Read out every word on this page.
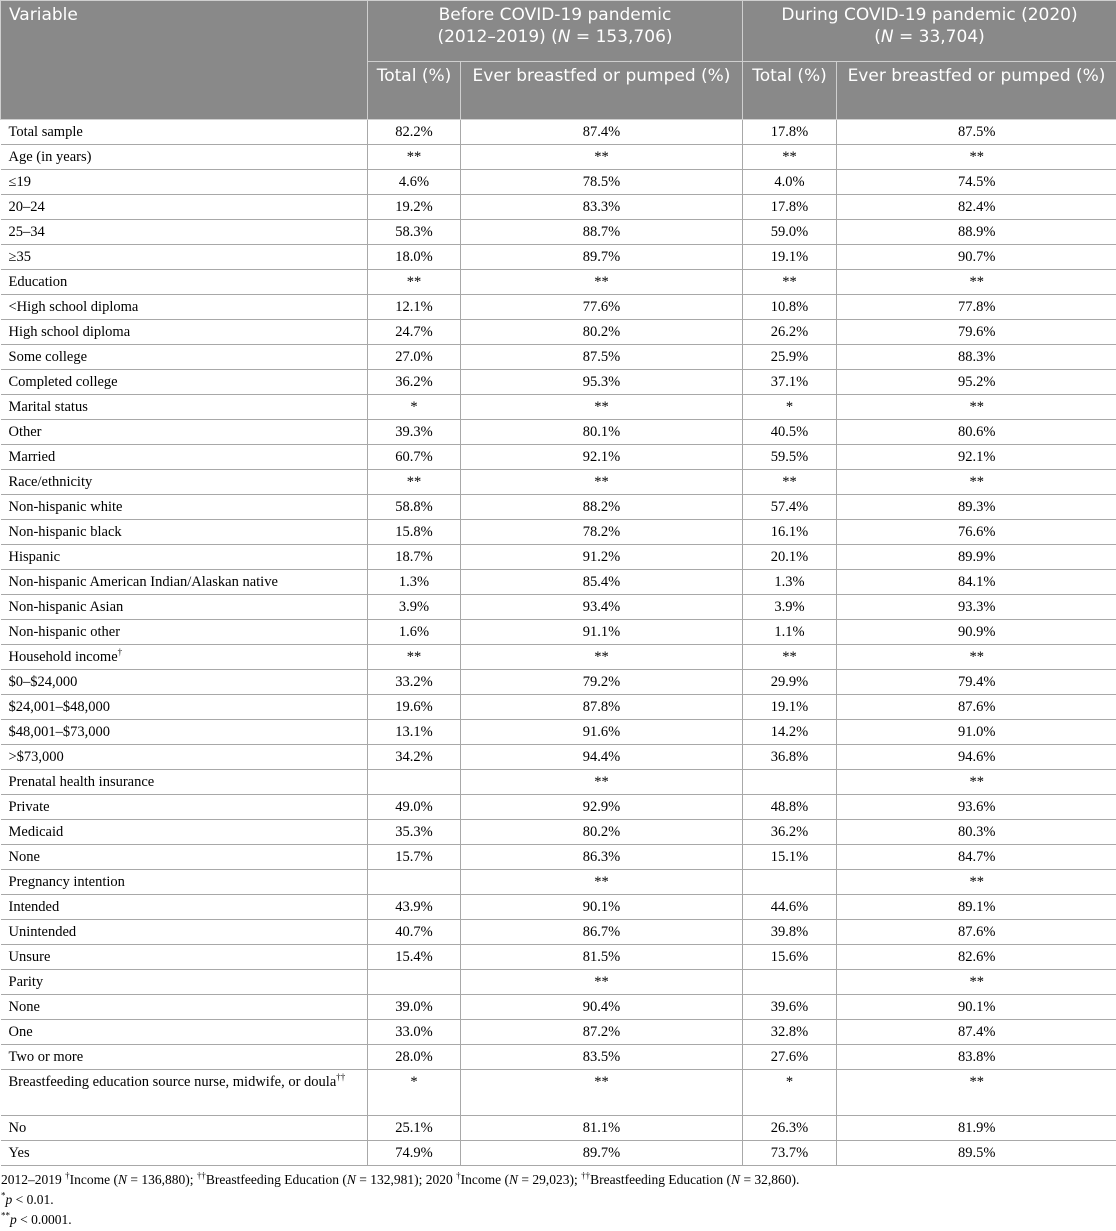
Variable	Before COVID-19 pandemic
(2012–2019) (N = 153,706)		During COVID-19 pandemic (2020)
(N = 33,704)	
	Total (%)	Ever breastfed or pumped (%)	Total (%)	Ever breastfed or pumped (%)
Total sample	82.2%	87.4%	17.8%	87.5%
Age (in years)	**	**	**	**
≤19	4.6%	78.5%	4.0%	74.5%
20–24	19.2%	83.3%	17.8%	82.4%
25–34	58.3%	88.7%	59.0%	88.9%
≥35	18.0%	89.7%	19.1%	90.7%
Education	**	**	**	**
<High school diploma	12.1%	77.6%	10.8%	77.8%
High school diploma	24.7%	80.2%	26.2%	79.6%
Some college	27.0%	87.5%	25.9%	88.3%
Completed college	36.2%	95.3%	37.1%	95.2%
Marital status	*	**	*	**
Other	39.3%	80.1%	40.5%	80.6%
Married	60.7%	92.1%	59.5%	92.1%
Race/ethnicity	**	**	**	**
Non-hispanic white	58.8%	88.2%	57.4%	89.3%
Non-hispanic black	15.8%	78.2%	16.1%	76.6%
Hispanic	18.7%	91.2%	20.1%	89.9%
Non-hispanic American Indian/Alaskan native	1.3%	85.4%	1.3%	84.1%
Non-hispanic Asian	3.9%	93.4%	3.9%	93.3%
Non-hispanic other	1.6%	91.1%	1.1%	90.9%
Household income†	**	**	**	**
$0–$24,000	33.2%	79.2%	29.9%	79.4%
$24,001–$48,000	19.6%	87.8%	19.1%	87.6%
$48,001–$73,000	13.1%	91.6%	14.2%	91.0%
>$73,000	34.2%	94.4%	36.8%	94.6%
Prenatal health insurance		**		**
Private	49.0%	92.9%	48.8%	93.6%
Medicaid	35.3%	80.2%	36.2%	80.3%
None	15.7%	86.3%	15.1%	84.7%
Pregnancy intention		**		**
Intended	43.9%	90.1%	44.6%	89.1%
Unintended	40.7%	86.7%	39.8%	87.6%
Unsure	15.4%	81.5%	15.6%	82.6%
Parity		**		**
None	39.0%	90.4%	39.6%	90.1%
One	33.0%	87.2%	32.8%	87.4%
Two or more	28.0%	83.5%	27.6%	83.8%
Breastfeeding education source nurse, midwife, or doula††	*	**	*	**
No	25.1%	81.1%	26.3%	81.9%
Yes	74.9%	89.7%	73.7%	89.5%
2012–2019 †Income (N = 136,880); ††Breastfeeding Education (N = 132,981); 2020 †Income (N = 29,023); ††Breastfeeding Education (N = 32,860).
*p < 0.01.
**p < 0.0001.
